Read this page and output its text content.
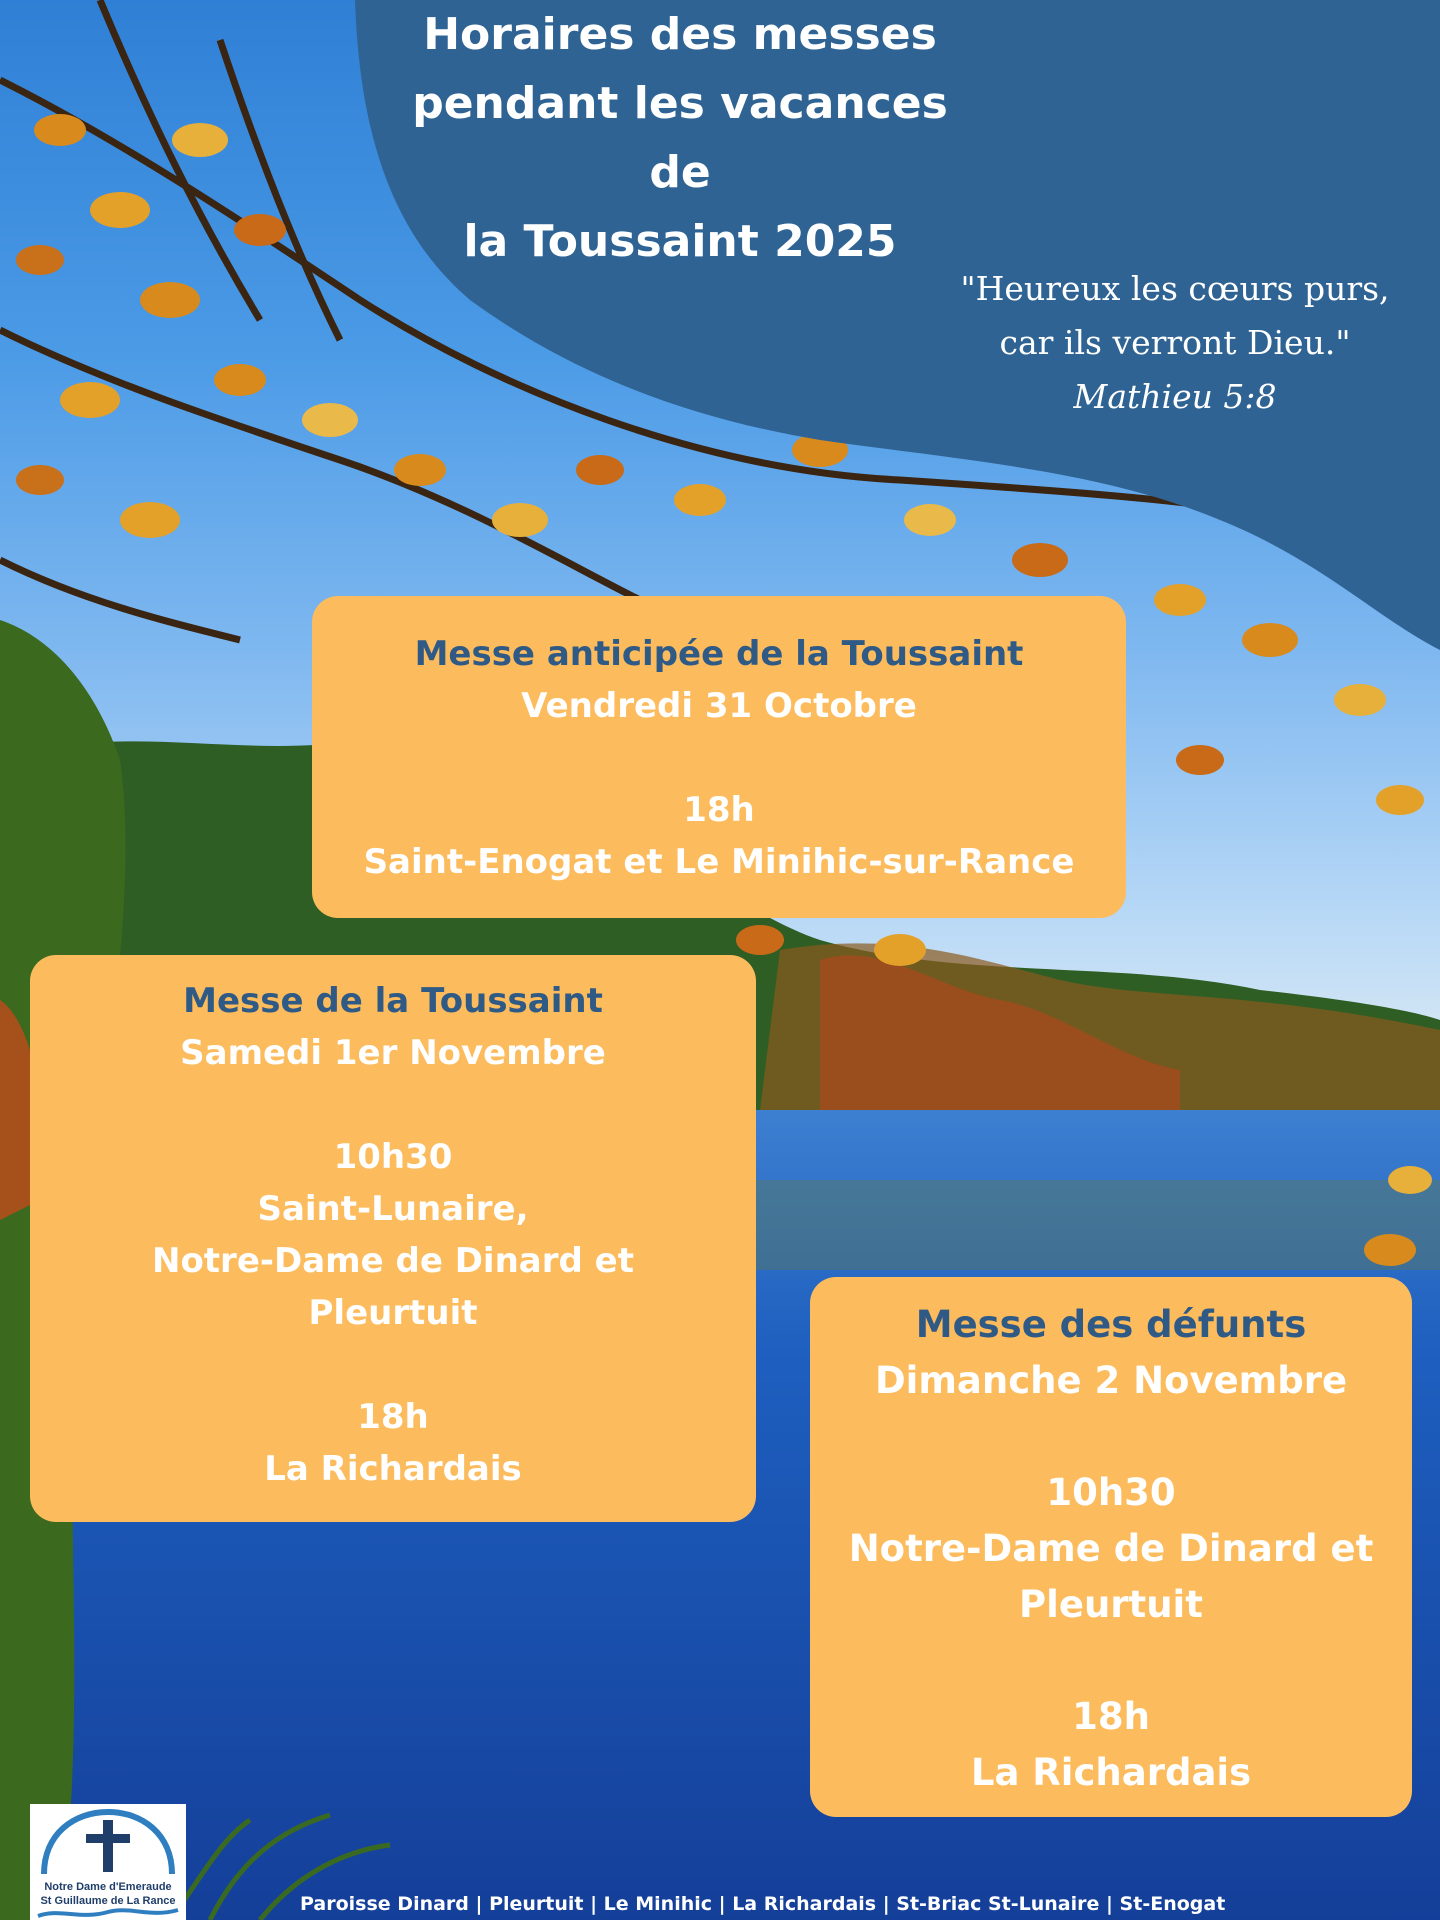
Horaires des messes
pendant les vacances
de
la Toussaint 2025
"Heureux les cœurs purs,
car ils verront Dieu."
Mathieu 5:8
Messe anticipée de la Toussaint
Vendredi 31 Octobre

18h
Saint-Enogat et Le Minihic-sur-Rance
Messe de la Toussaint
Samedi 1er Novembre

10h30
Saint-Lunaire,
Notre-Dame de Dinard et
Pleurtuit

18h
La Richardais
Messe des défunts
Dimanche 2 Novembre

10h30
Notre-Dame de Dinard et
Pleurtuit

18h
La Richardais
Notre Dame d'Emeraude
St Guillaume de La Rance	Paroisse Dinard | Pleurtuit | Le Minihic | La Richardais | St-Briac St-Lunaire | St-Enogat
